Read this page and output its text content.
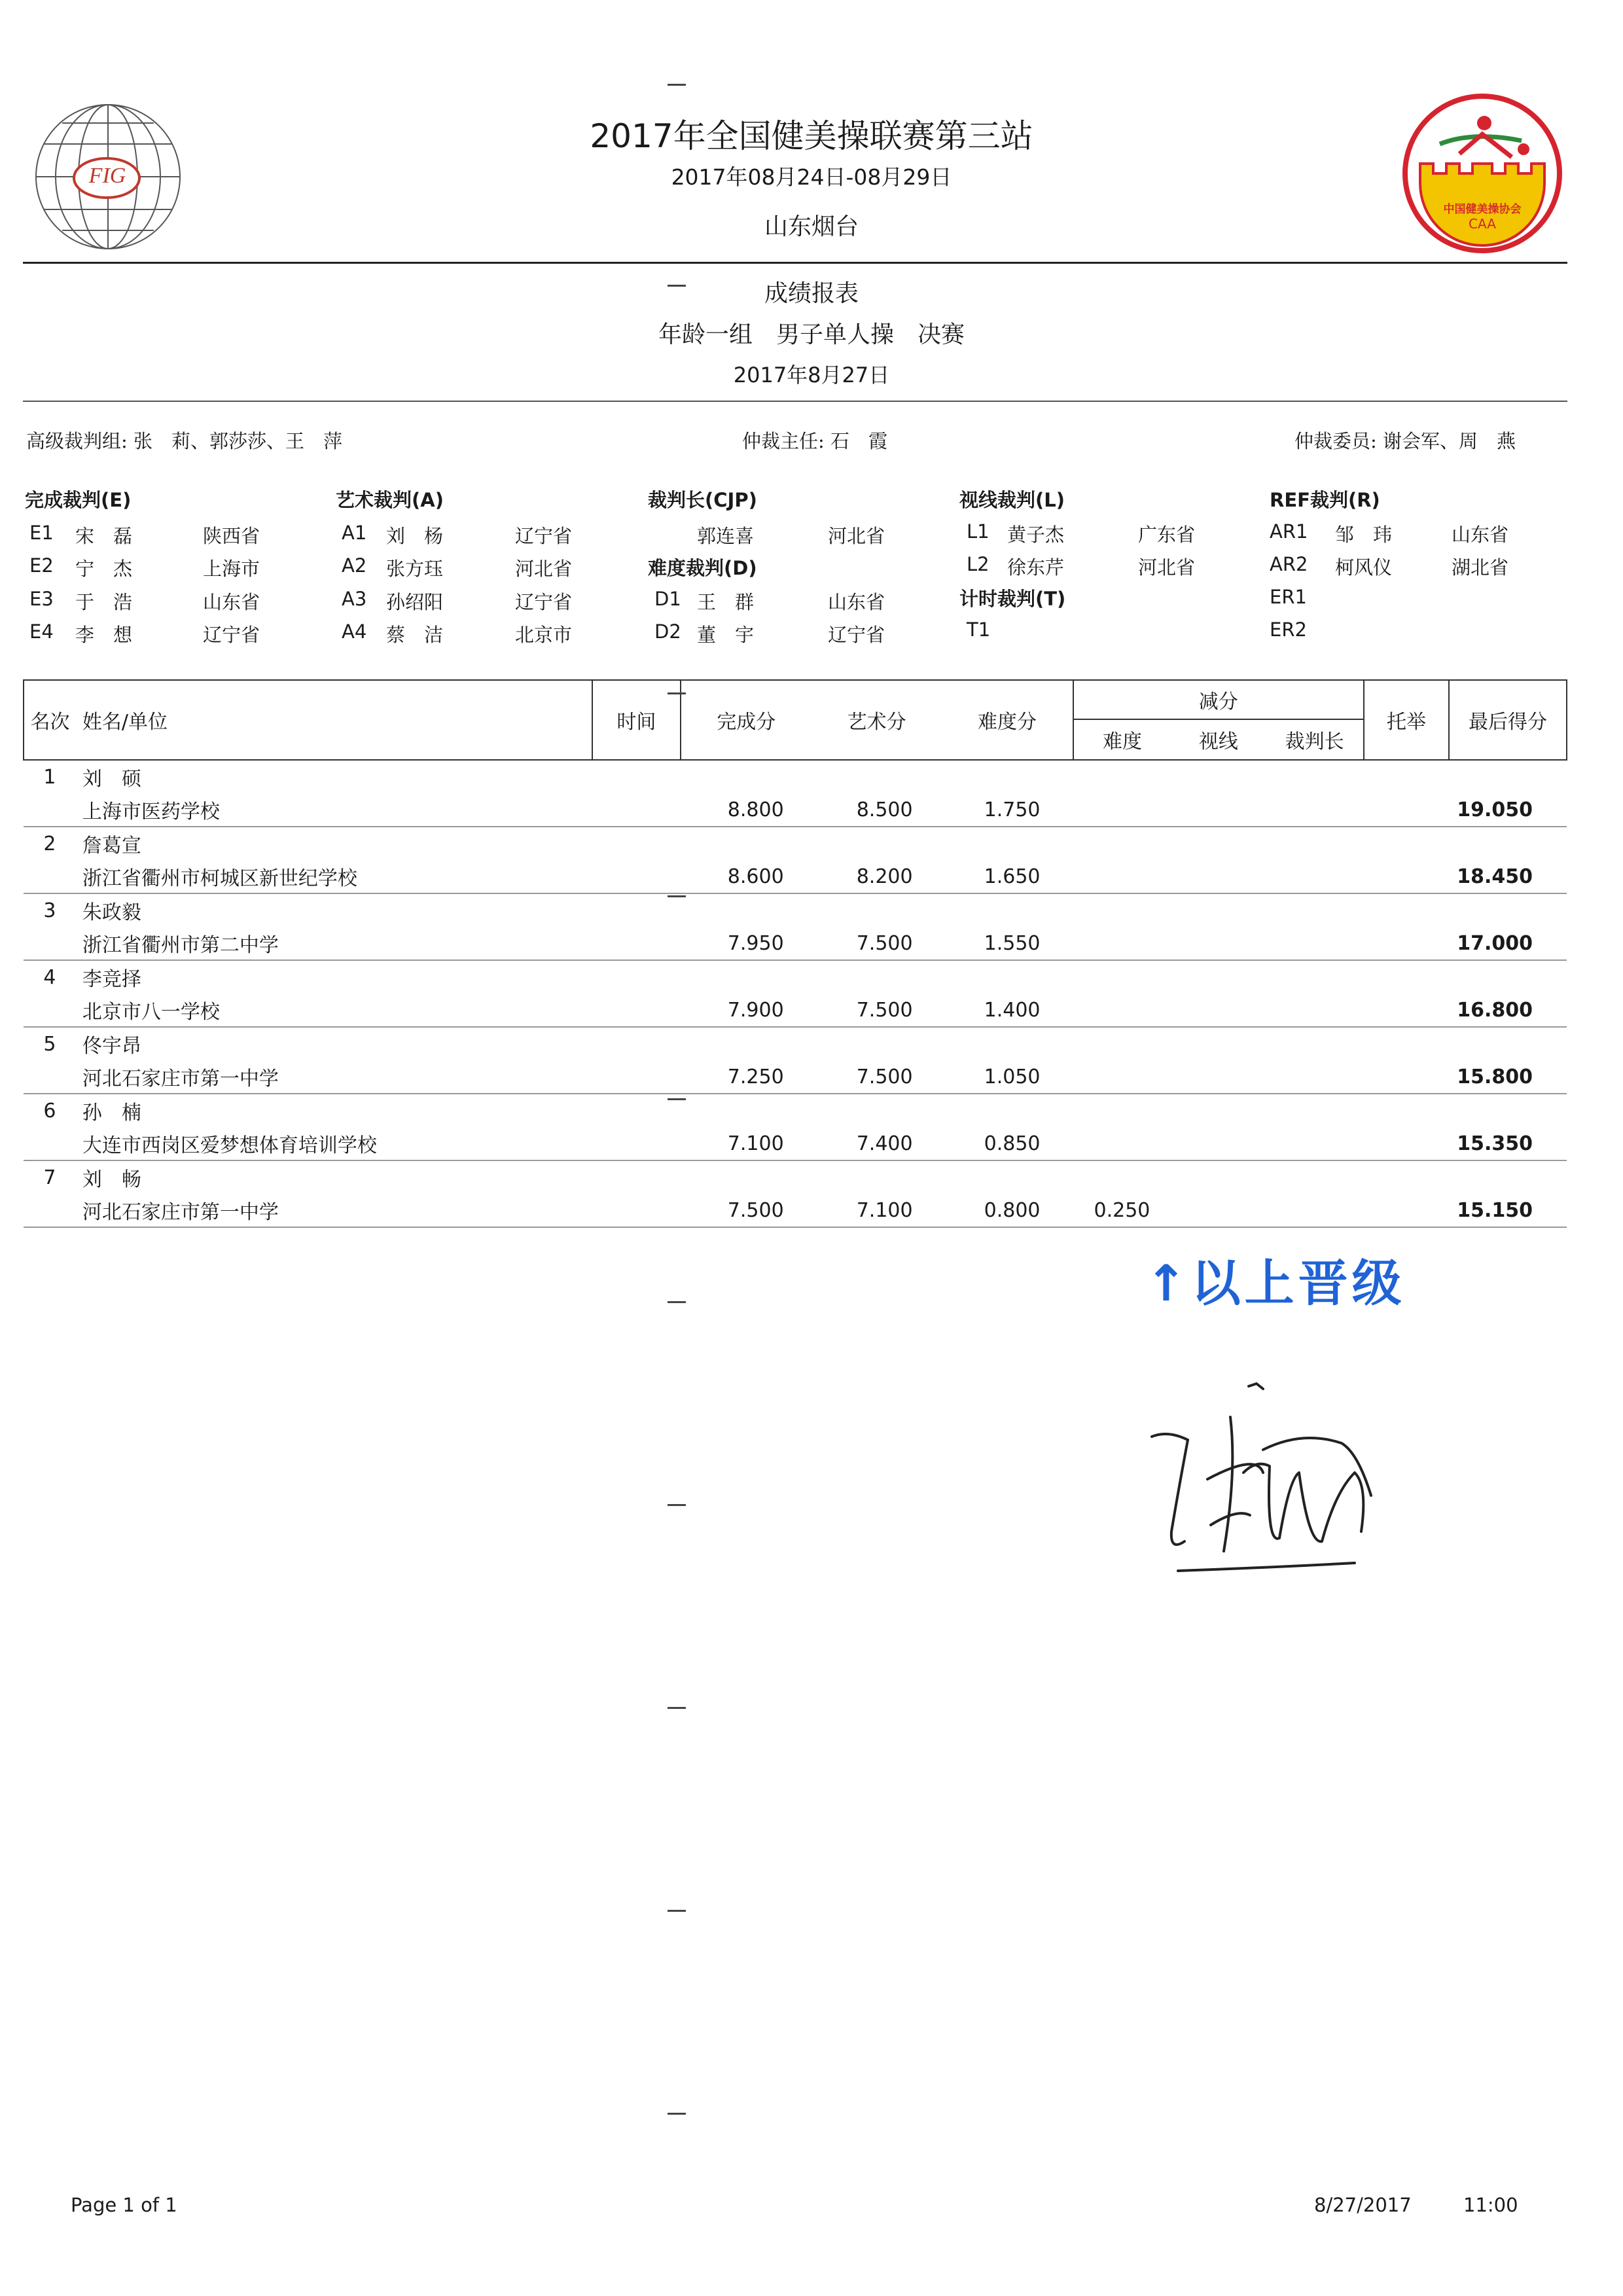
FIG
中国健美操协会
CAA
2017年全国健美操联赛第三站
2017年08月24日-08月29日
山东烟台
成绩报表
年龄一组　男子单人操　决赛
2017年8月27日
高级裁判组: 张　莉、郭莎莎、王　萍	仲裁主任: 石　霞	仲裁委员: 谢会军、周　燕
完成裁判(E)
E1 宋　磊	陕西省
E2 宁　杰	上海市
E3 于　浩	山东省
E4 李　想	辽宁省
艺术裁判(A)
A1 刘　杨	辽宁省
A2 张方珏	河北省
A3 孙绍阳	辽宁省
A4 蔡　洁	北京市
裁判长(CJP)
郭连喜	河北省
难度裁判(D)
D1 王　群	山东省
D2 董　宇	辽宁省
视线裁判(L)
L1 黄子杰	广东省
L2 徐东芹	河北省
计时裁判(T)
T1
REF裁判(R)
AR1 邹　玮	山东省
AR2 柯风仪	湖北省
ER1
ER2
名次	姓名/单位	时间	完成分	艺术分	难度分	减分			托举	最后得分
						难度	视线	裁判长		
1	刘　硕									
	上海市医药学校		8.800	8.500	1.750					19.050
2	詹葛宣									
	浙江省衢州市柯城区新世纪学校		8.600	8.200	1.650					18.450
3	朱政毅									
	浙江省衢州市第二中学		7.950	7.500	1.550					17.000
4	李竞择									
	北京市八一学校		7.900	7.500	1.400					16.800
5	佟宇昂									
	河北石家庄市第一中学		7.250	7.500	1.050					15.800
6	孙　楠									
	大连市西岗区爱梦想体育培训学校		7.100	7.400	0.850					15.350
7	刘　畅									
	河北石家庄市第一中学		7.500	7.100	0.800	0.250				15.150
↑以上晋级
Page 1 of 1	8/27/2017	11:00
